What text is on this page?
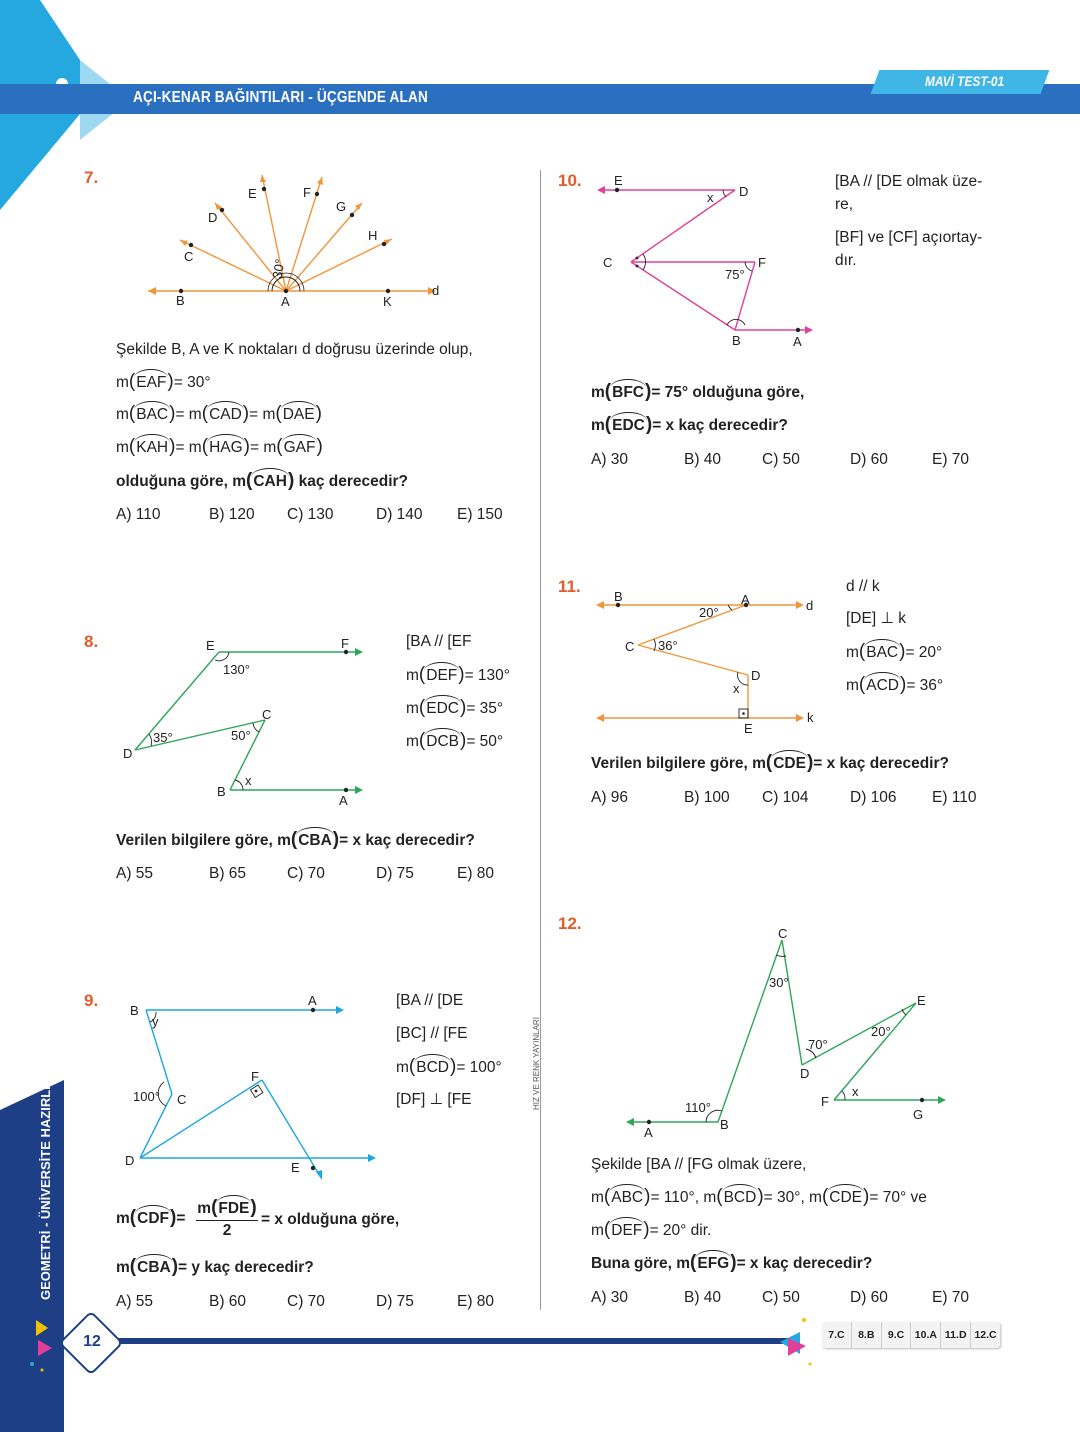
AÇI-KENAR BAĞINTILARI - ÜÇGENDE ALAN
MAVİ TEST-01
HIZ VE RENK YAYINLARI
7.
30°
E	F
D
G
H
C
B	A	K
d
Şekilde B, A ve K noktaları d doğrusu üzerinde olup,
m(EAF)= 30°
m(BAC)= m(CAD)= m(DAE)
m(KAH)= m(HAG)= m(GAF)
olduğuna göre, m(CAH) kaç derecedir?
A) 110	B) 120 C) 130	D) 140 E) 150
8.	E	F
C
D
B
A
130°
35°	50°
x
[BA // [EF
m(DEF)= 130°
m(EDC)= 35°
m(DCB)= 50°
Verilen bilgilere göre, m(CBA)= x kaç derecedir?
A) 55	B) 65	C) 70	D) 75	E) 80
9.
B
A
y
C
100°
F
D	E
[BA // [DE
[BC] // [FE
m(BCD)= 100°
[DF] ⊥ [FE
m(CDF)=
m(FDE)
2
= x olduğuna göre,
m(CBA)= y kaç derecedir?
A) 55	B) 60	C) 70	D) 75	E) 80
10. E
x D
C	F
75°
B	A
[BA // [DE olmak üze-
re,
[BF] ve [CF] açıortay-
dır.
m(BFC)= 75° olduğuna göre,
m(EDC)= x kaç derecedir?
A) 30	B) 40	C) 50	D) 60	E) 70
11.
B	A	d
20°
C 36°
D
x
E
k
d // k
[DE] ⊥ k
m(BAC)= 20°
m(ACD)= 36°
Verilen bilgilere göre, m(CDE)= x kaç derecedir?
A) 96	B) 100 C) 104	D) 106 E) 110
12.
C
30°
E
20°
70°
D
x
F
G
110°
B
A
Şekilde [BA // [FG olmak üzere,
m(ABC)= 110°, m(BCD)= 30°, m(CDE)= 70° ve
m(DEF)= 20° dir.
Buna göre, m(EFG)= x kaç derecedir?
A) 30	B) 40	C) 50	D) 60	E) 70
GEOMETRİ - ÜNİVERSİTE HAZIRLIK
12	7.C	8.B	9.C	10.A 11.D 12.C
